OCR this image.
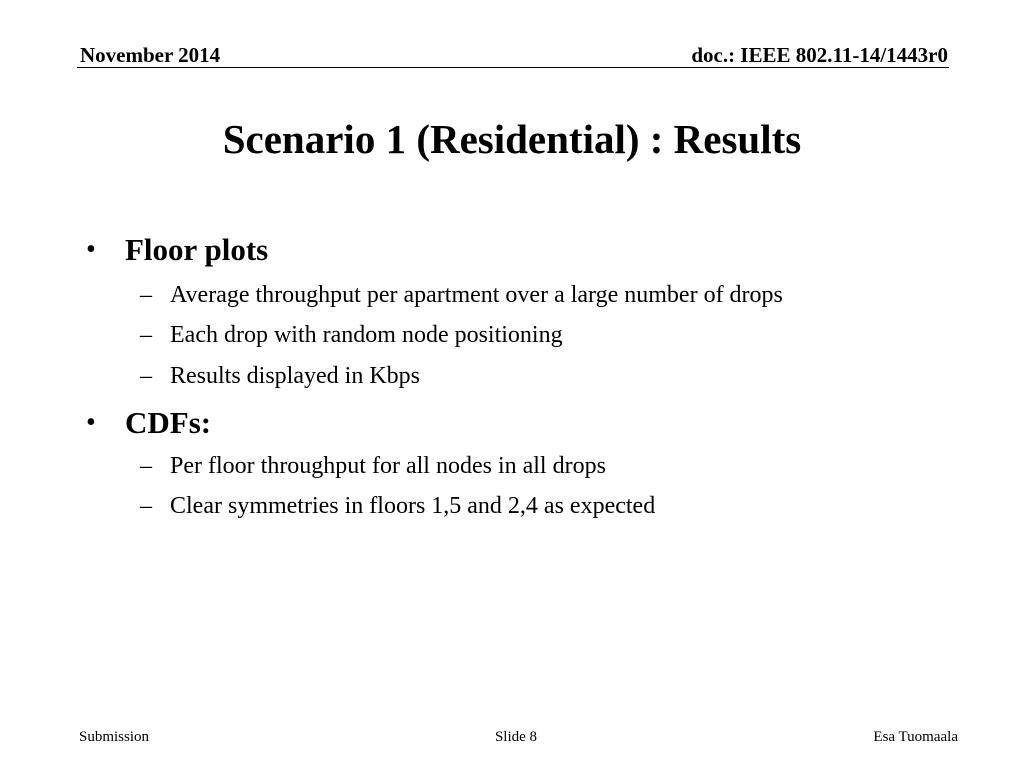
November 2014	doc.: IEEE 802.11-14/1443r0
Scenario 1 (Residential) : Results
• Floor plots
– Average throughput per apartment over a large number of drops
– Each drop with random node positioning
– Results displayed in Kbps
• CDFs:
– Per floor throughput for all nodes in all drops
– Clear symmetries in floors 1,5 and 2,4 as expected
Submission	Slide 8	Esa Tuomaala
